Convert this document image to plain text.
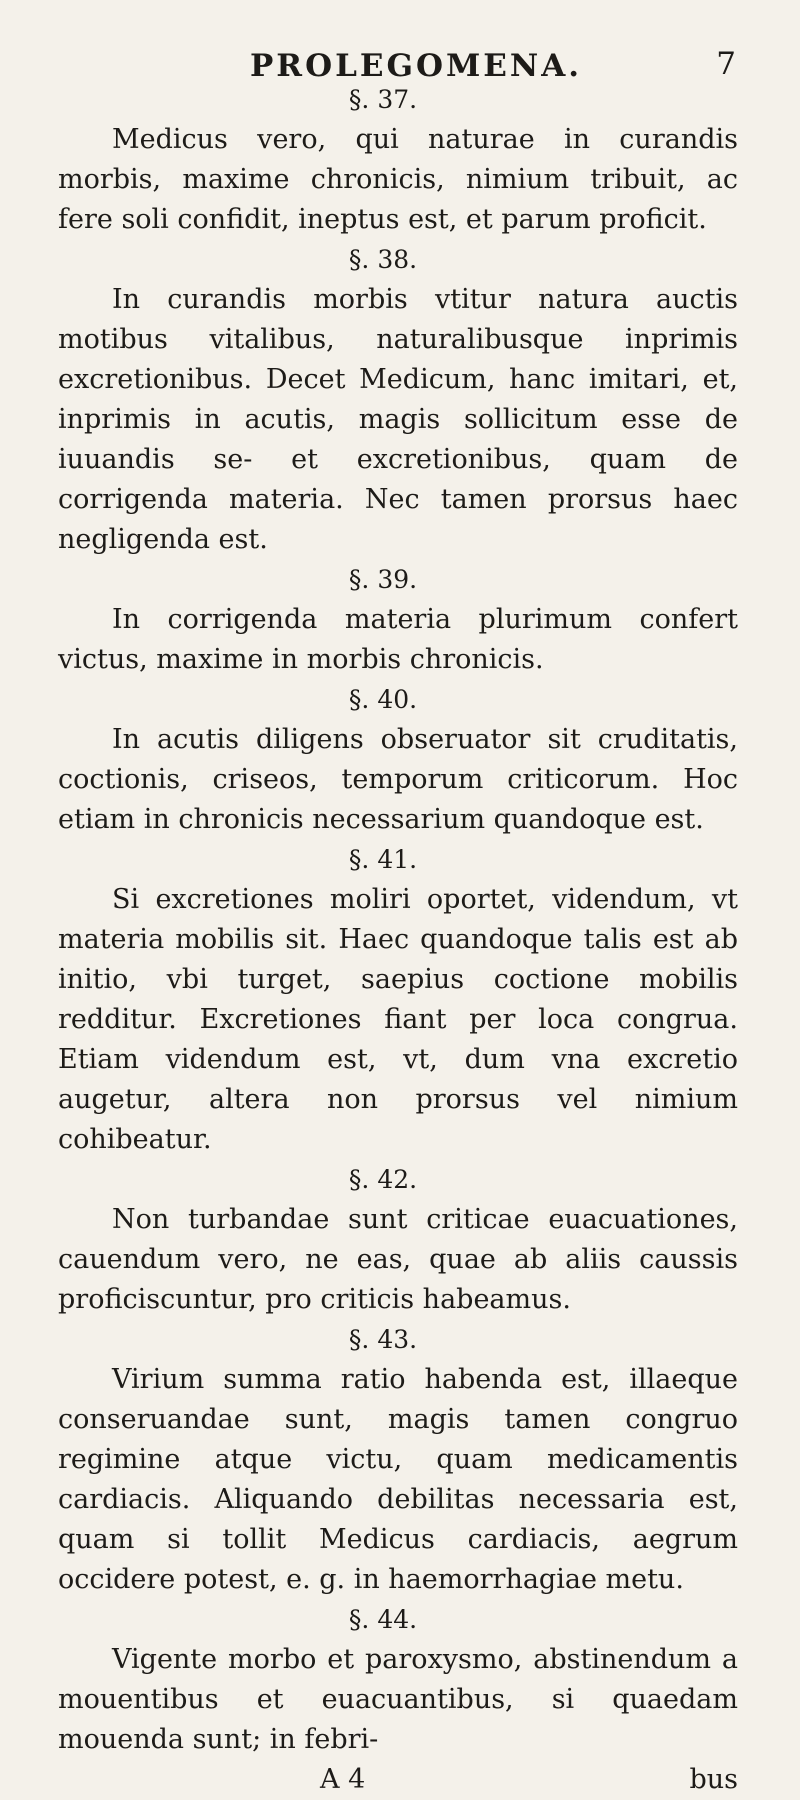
PROLEGOMENA.	7

§. 37.

Medicus vero, qui naturae in curandis morbis, maxime chronicis, nimium tribuit, ac fere soli confidit, ineptus est, et parum proficit.

§. 38.

In curandis morbis vtitur natura auctis motibus vitalibus, naturalibusque inprimis excretionibus. Decet Medicum, hanc imitari, et, inprimis in acutis, magis sollicitum esse de iuuandis se- et excretionibus, quam de corrigenda materia. Nec tamen prorsus haec negligenda est.

§. 39.

In corrigenda materia plurimum confert victus, maxime in morbis chronicis.

§. 40.

In acutis diligens obseruator sit cruditatis, coctionis, criseos, temporum criticorum. Hoc etiam in chronicis necessarium quandoque est.

§. 41.

Si excretiones moliri oportet, videndum, vt materia mobilis sit. Haec quandoque talis est ab initio, vbi turget, saepius coctione mobilis redditur. Excretiones fiant per loca congrua. Etiam videndum est, vt, dum vna excretio augetur, altera non prorsus vel nimium cohibeatur.

§. 42.

Non turbandae sunt criticae euacuationes, cauendum vero, ne eas, quae ab aliis caussis proficiscuntur, pro criticis habeamus.

§. 43.

Virium summa ratio habenda est, illaeque conseruandae sunt, magis tamen congruo regimine atque victu, quam medicamentis cardiacis. Aliquando debilitas necessaria est, quam si tollit Medicus cardiacis, aegrum occidere potest, e. g. in haemorrhagiae metu.

§. 44.

Vigente morbo et paroxysmo, abstinendum a mouentibus et euacuantibus, si quaedam mouenda sunt; in febri-

A 4	bus
